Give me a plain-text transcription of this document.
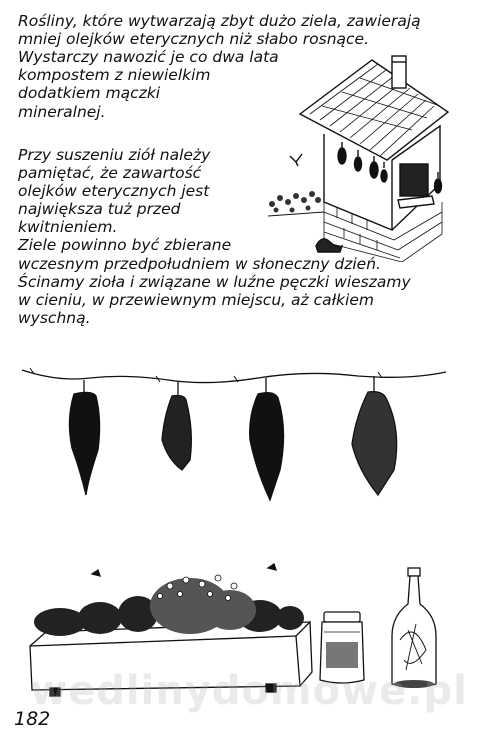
Rośliny, które wytwarzają zbyt dużo ziela, zawierają

mniej olejków eterycznych niż słabo rosnące.

Wystarczy nawozić je co dwa lata

kompostem z niewielkim

dodatkiem mączki

mineralnej.

Przy suszeniu ziół należy

pamiętać, że zawartość

olejków eterycznych jest

największa tuż przed

kwitnieniem.

Ziele powinno być zbierane

wczesnym przedpołudniem w słoneczny dzień.

Ścinamy zioła i związane w luźne pęczki wieszamy

w cieniu, w przewiewnym miejscu, aż całkiem

wyschną.

wedlinydomowe.pl
182
